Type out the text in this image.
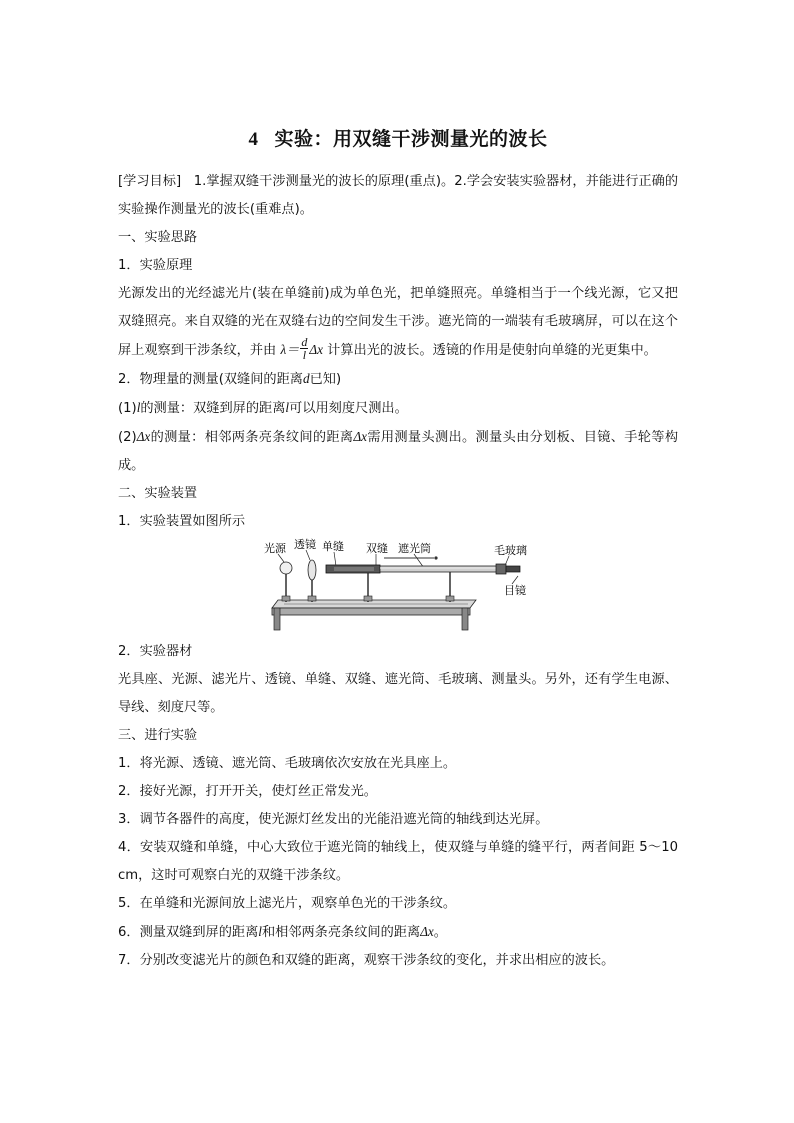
4 实验：用双缝干涉测量光的波长

[学习目标] 1.掌握双缝干涉测量光的波长的原理(重点)。2.学会安装实验器材，并能进行正确的实验操作测量光的波长(重难点)。

一、实验思路

1．实验原理

光源发出的光经滤光片(装在单缝前)成为单色光，把单缝照亮。单缝相当于一个线光源，它又把双缝照亮。来自双缝的光在双缝右边的空间发生干涉。遮光筒的一端装有毛玻璃屏，可以在这个屏上观察到干涉条纹，并由 $\lambda= \frac{d}{l}$ Δx 计算出光的波长。透镜的作用是使射向单缝的光更集中。

2．物理量的测量(双缝间的距离d已知)

(1)l的测量：双缝到屏的距离l可以用刻度尺测出。

(2)Δx的测量：相邻两条亮条纹间的距离Δx需用测量头测出。测量头由分划板、目镜、手轮等构成。

二、实验装置

1．实验装置如图所示

光源 透镜 单缝 双缝 遮光筒	毛玻璃
目镜

2．实验器材

光具座、光源、滤光片、透镜、单缝、双缝、遮光筒、毛玻璃、测量头。另外，还有学生电源、导线、刻度尺等。

三、进行实验

1．将光源、透镜、遮光筒、毛玻璃依次安放在光具座上。

2．接好光源，打开开关，使灯丝正常发光。

3．调节各器件的高度，使光源灯丝发出的光能沿遮光筒的轴线到达光屏。

4．安装双缝和单缝，中心大致位于遮光筒的轴线上，使双缝与单缝的缝平行，两者间距 5～10 cm，这时可观察白光的双缝干涉条纹。

5．在单缝和光源间放上滤光片，观察单色光的干涉条纹。

6．测量双缝到屏的距离l和相邻两条亮条纹间的距离Δx。

7．分别改变滤光片的颜色和双缝的距离，观察干涉条纹的变化，并求出相应的波长。
